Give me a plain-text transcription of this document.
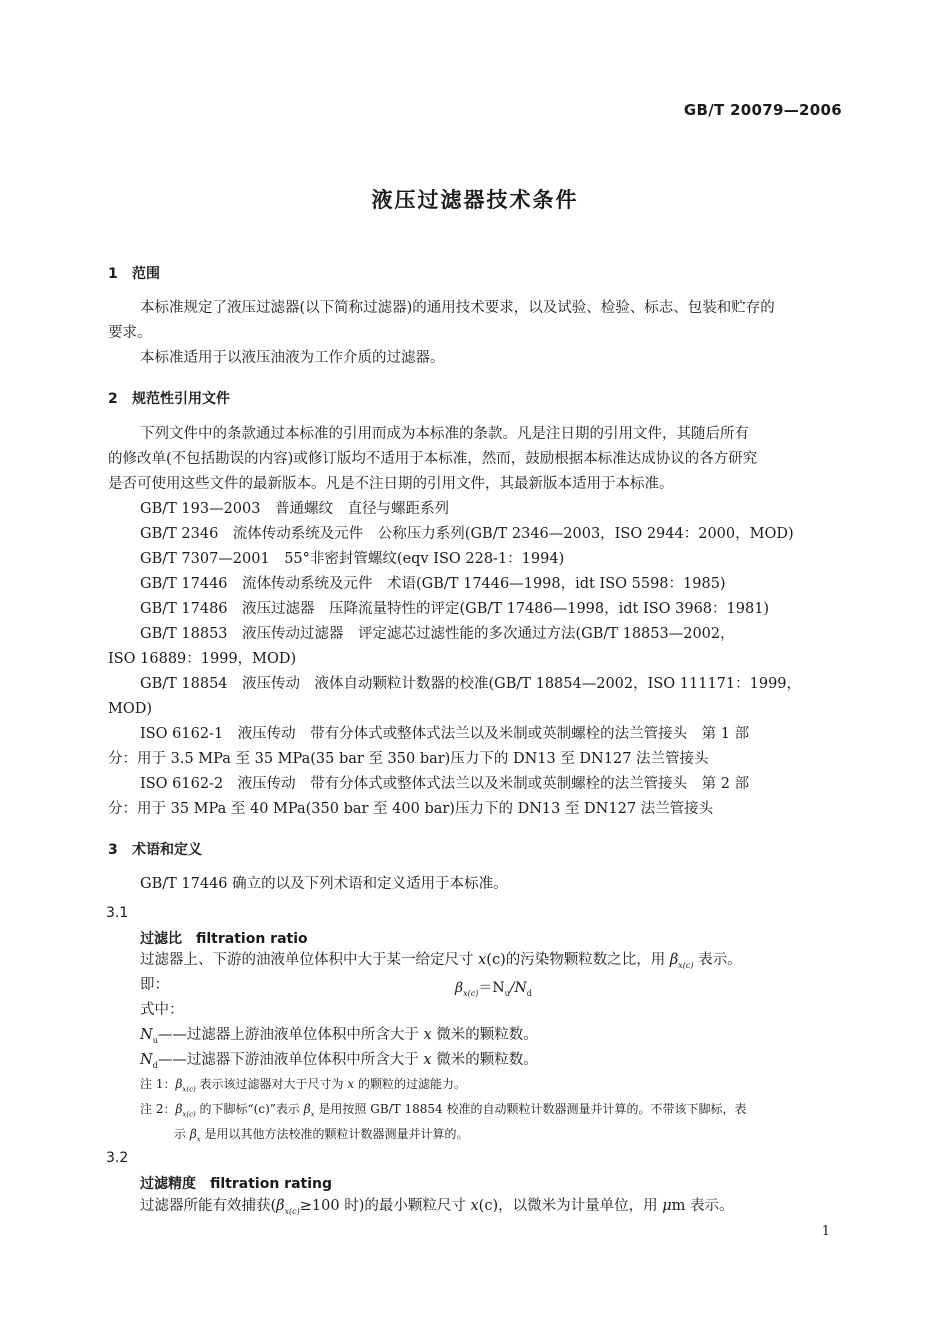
GB/T 20079—2006
液压过滤器技术条件
1 范围
本标准规定了液压过滤器(以下简称过滤器)的通用技术要求，以及试验、检验、标志、包装和贮存的
要求。
本标准适用于以液压油液为工作介质的过滤器。
2 规范性引用文件
下列文件中的条款通过本标准的引用而成为本标准的条款。凡是注日期的引用文件，其随后所有
的修改单(不包括勘误的内容)或修订版均不适用于本标准，然而，鼓励根据本标准达成协议的各方研究
是否可使用这些文件的最新版本。凡是不注日期的引用文件，其最新版本适用于本标准。
GB/T 193—2003　普通螺纹　直径与螺距系列
GB/T 2346　流体传动系统及元件　公称压力系列(GB/T 2346—2003，ISO 2944：2000，MOD)
GB/T 7307—2001　55°非密封管螺纹(eqv ISO 228-1：1994)
GB/T 17446　流体传动系统及元件　术语(GB/T 17446—1998，idt ISO 5598：1985)
GB/T 17486　液压过滤器　压降流量特性的评定(GB/T 17486—1998，idt ISO 3968：1981)
GB/T 18853　液压传动过滤器　评定滤芯过滤性能的多次通过方法(GB/T 18853—2002，
ISO 16889：1999，MOD)
GB/T 18854　液压传动　液体自动颗粒计数器的校准(GB/T 18854—2002，ISO 111171：1999，
MOD)
ISO 6162-1　液压传动　带有分体式或整体式法兰以及米制或英制螺栓的法兰管接头　第 1 部
分：用于 3.5 MPa 至 35 MPa(35 bar 至 350 bar)压力下的 DN13 至 DN127 法兰管接头
ISO 6162-2　液压传动　带有分体式或整体式法兰以及米制或英制螺栓的法兰管接头　第 2 部
分：用于 35 MPa 至 40 MPa(350 bar 至 400 bar)压力下的 DN13 至 DN127 法兰管接头
3 术语和定义
GB/T 17446 确立的以及下列术语和定义适用于本标准。
3.1
过滤比　filtration ratio
过滤器上、下游的油液单位体积中大于某一给定尺寸 x(c)的污染物颗粒数之比，用 $\beta_{x(c)}$ 表示。
即：	$\beta_{x(c)}=N_u/N_d$
式中：
$N_u——$过滤器上游油液单位体积中所含大于 x 微米的颗粒数。
$N_d——$过滤器下游油液单位体积中所含大于 x 微米的颗粒数。
注 1：$\beta_{x(c)}$ 表示该过滤器对大于尺寸为 x 的颗粒的过滤能力。
注 2：$\beta_{x(c)}$ 的下脚标“(c)”表示 $\beta_x$ 是用按照 GB/T 18854 校准的自动颗粒计数器测量并计算的。不带该下脚标，表
示 $\beta_x$ 是用以其他方法校准的颗粒计数器测量并计算的。
3.2
过滤精度　filtration rating
过滤器所能有效捕获($\beta_{x(c)}\ge 100$ 时)的最小颗粒尺寸 x(c)，以微米为计量单位，用 μm 表示。
1
